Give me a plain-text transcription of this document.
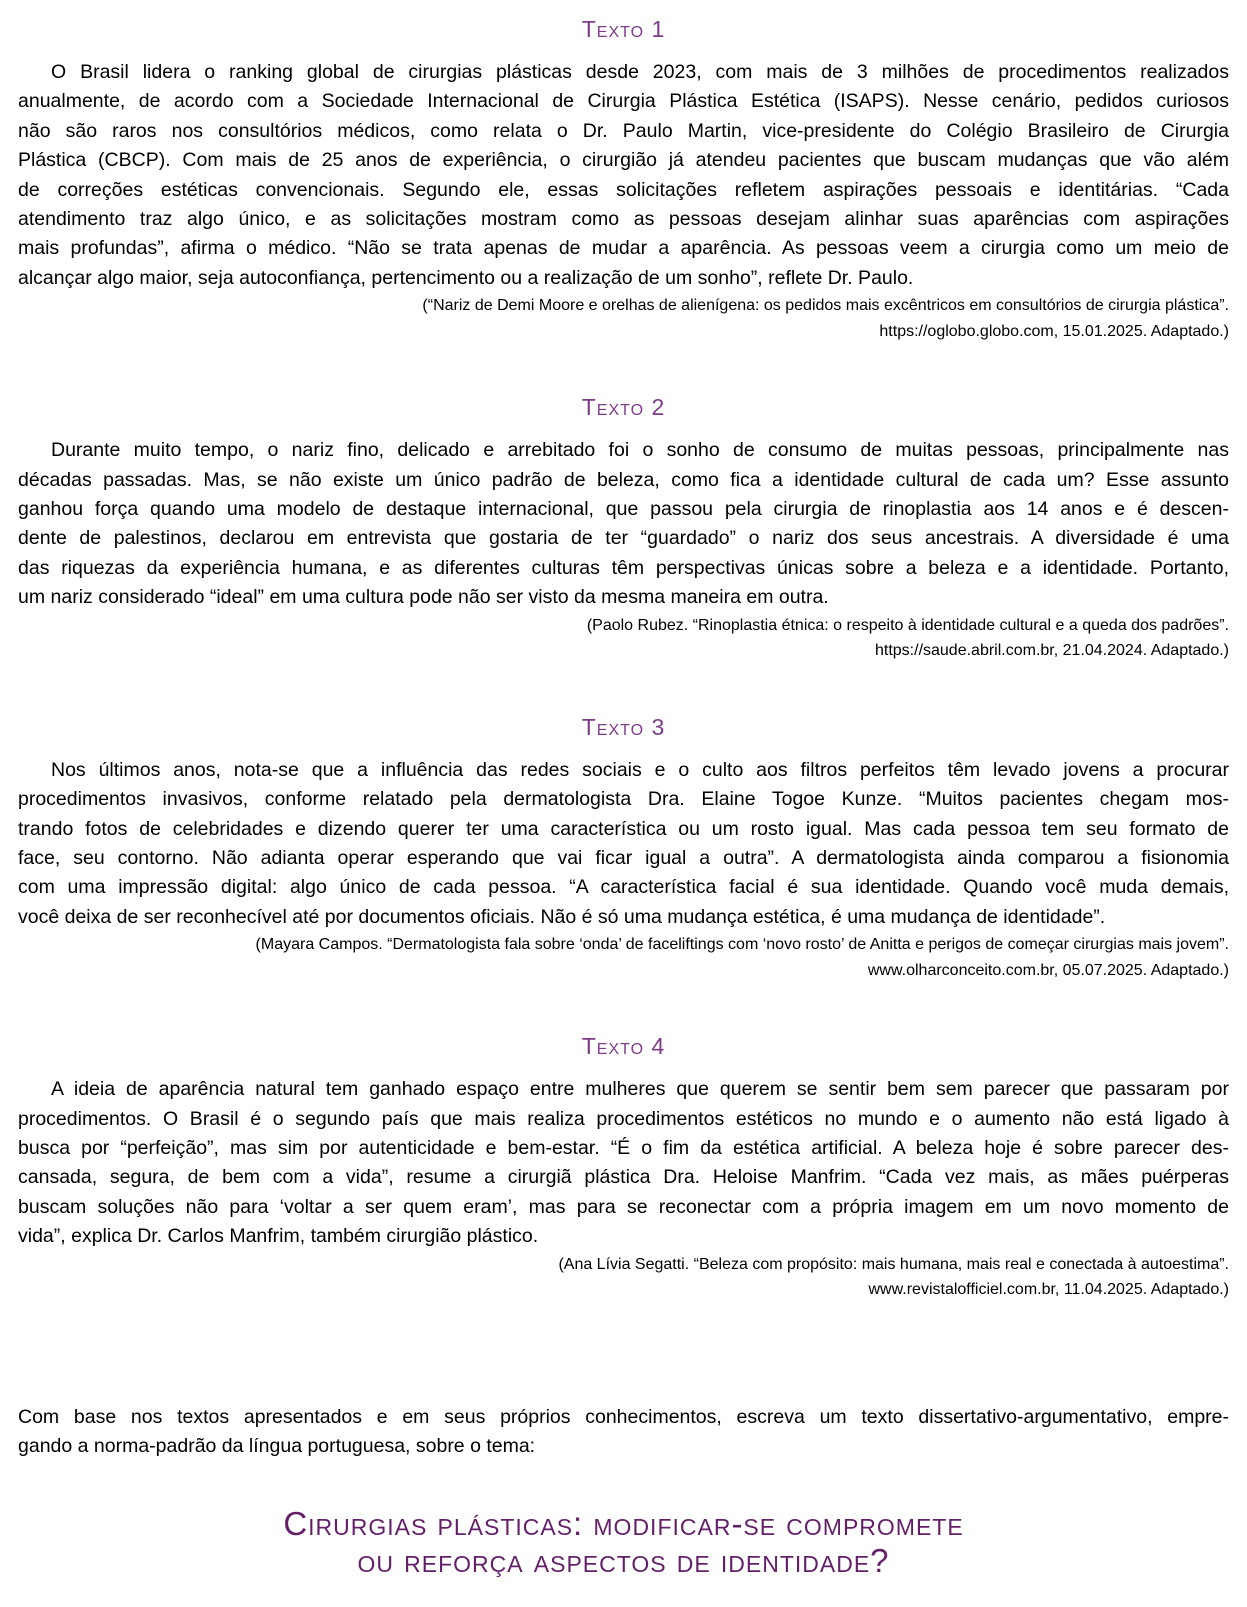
Texto 1
O Brasil lidera o ranking global de cirurgias plásticas desde 2023, com mais de 3 milhões de procedimentos realizados
anualmente, de acordo com a Sociedade Internacional de Cirurgia Plástica Estética (ISAPS). Nesse cenário, pedidos curiosos
não são raros nos consultórios médicos, como relata o Dr. Paulo Martin, vice-presidente do Colégio Brasileiro de Cirurgia
Plástica (CBCP). Com mais de 25 anos de experiência, o cirurgião já atendeu pacientes que buscam mudanças que vão além
de correções estéticas convencionais. Segundo ele, essas solicitações refletem aspirações pessoais e identitárias. “Cada
atendimento traz algo único, e as solicitações mostram como as pessoas desejam alinhar suas aparências com aspirações
mais profundas”, afirma o médico. “Não se trata apenas de mudar a aparência. As pessoas veem a cirurgia como um meio de
alcançar algo maior, seja autoconfiança, pertencimento ou a realização de um sonho”, reflete Dr. Paulo.
(“Nariz de Demi Moore e orelhas de alienígena: os pedidos mais excêntricos em consultórios de cirurgia plástica”.
https://oglobo.globo.com, 15.01.2025. Adaptado.)
Texto 2
Durante muito tempo, o nariz fino, delicado e arrebitado foi o sonho de consumo de muitas pessoas, principalmente nas
décadas passadas. Mas, se não existe um único padrão de beleza, como fica a identidade cultural de cada um? Esse assunto
ganhou força quando uma modelo de destaque internacional, que passou pela cirurgia de rinoplastia aos 14 anos e é descen-
dente de palestinos, declarou em entrevista que gostaria de ter “guardado” o nariz dos seus ancestrais. A diversidade é uma
das riquezas da experiência humana, e as diferentes culturas têm perspectivas únicas sobre a beleza e a identidade. Portanto,
um nariz considerado “ideal” em uma cultura pode não ser visto da mesma maneira em outra.
(Paolo Rubez. “Rinoplastia étnica: o respeito à identidade cultural e a queda dos padrões”.
https://saude.abril.com.br, 21.04.2024. Adaptado.)
Texto 3
Nos últimos anos, nota-se que a influência das redes sociais e o culto aos filtros perfeitos têm levado jovens a procurar
procedimentos invasivos, conforme relatado pela dermatologista Dra. Elaine Togoe Kunze. “Muitos pacientes chegam mos-
trando fotos de celebridades e dizendo querer ter uma característica ou um rosto igual. Mas cada pessoa tem seu formato de
face, seu contorno. Não adianta operar esperando que vai ficar igual a outra”. A dermatologista ainda comparou a fisionomia
com uma impressão digital: algo único de cada pessoa. “A característica facial é sua identidade. Quando você muda demais,
você deixa de ser reconhecível até por documentos oficiais. Não é só uma mudança estética, é uma mudança de identidade”.
(Mayara Campos. “Dermatologista fala sobre ‘onda’ de faceliftings com ‘novo rosto’ de Anitta e perigos de começar cirurgias mais jovem”.
www.olharconceito.com.br, 05.07.2025. Adaptado.)
Texto 4
A ideia de aparência natural tem ganhado espaço entre mulheres que querem se sentir bem sem parecer que passaram por
procedimentos. O Brasil é o segundo país que mais realiza procedimentos estéticos no mundo e o aumento não está ligado à
busca por “perfeição”, mas sim por autenticidade e bem-estar. “É o fim da estética artificial. A beleza hoje é sobre parecer des-
cansada, segura, de bem com a vida”, resume a cirurgiã plástica Dra. Heloise Manfrim. “Cada vez mais, as mães puérperas
buscam soluções não para ‘voltar a ser quem eram’, mas para se reconectar com a própria imagem em um novo momento de
vida”, explica Dr. Carlos Manfrim, também cirurgião plástico.
(Ana Lívia Segatti. “Beleza com propósito: mais humana, mais real e conectada à autoestima”.
www.revistalofficiel.com.br, 11.04.2025. Adaptado.)
Com base nos textos apresentados e em seus próprios conhecimentos, escreva um texto dissertativo-argumentativo, empre-
gando a norma-padrão da língua portuguesa, sobre o tema:
Cirurgias plásticas: modificar-se compromete
ou reforça aspectos de identidade?
